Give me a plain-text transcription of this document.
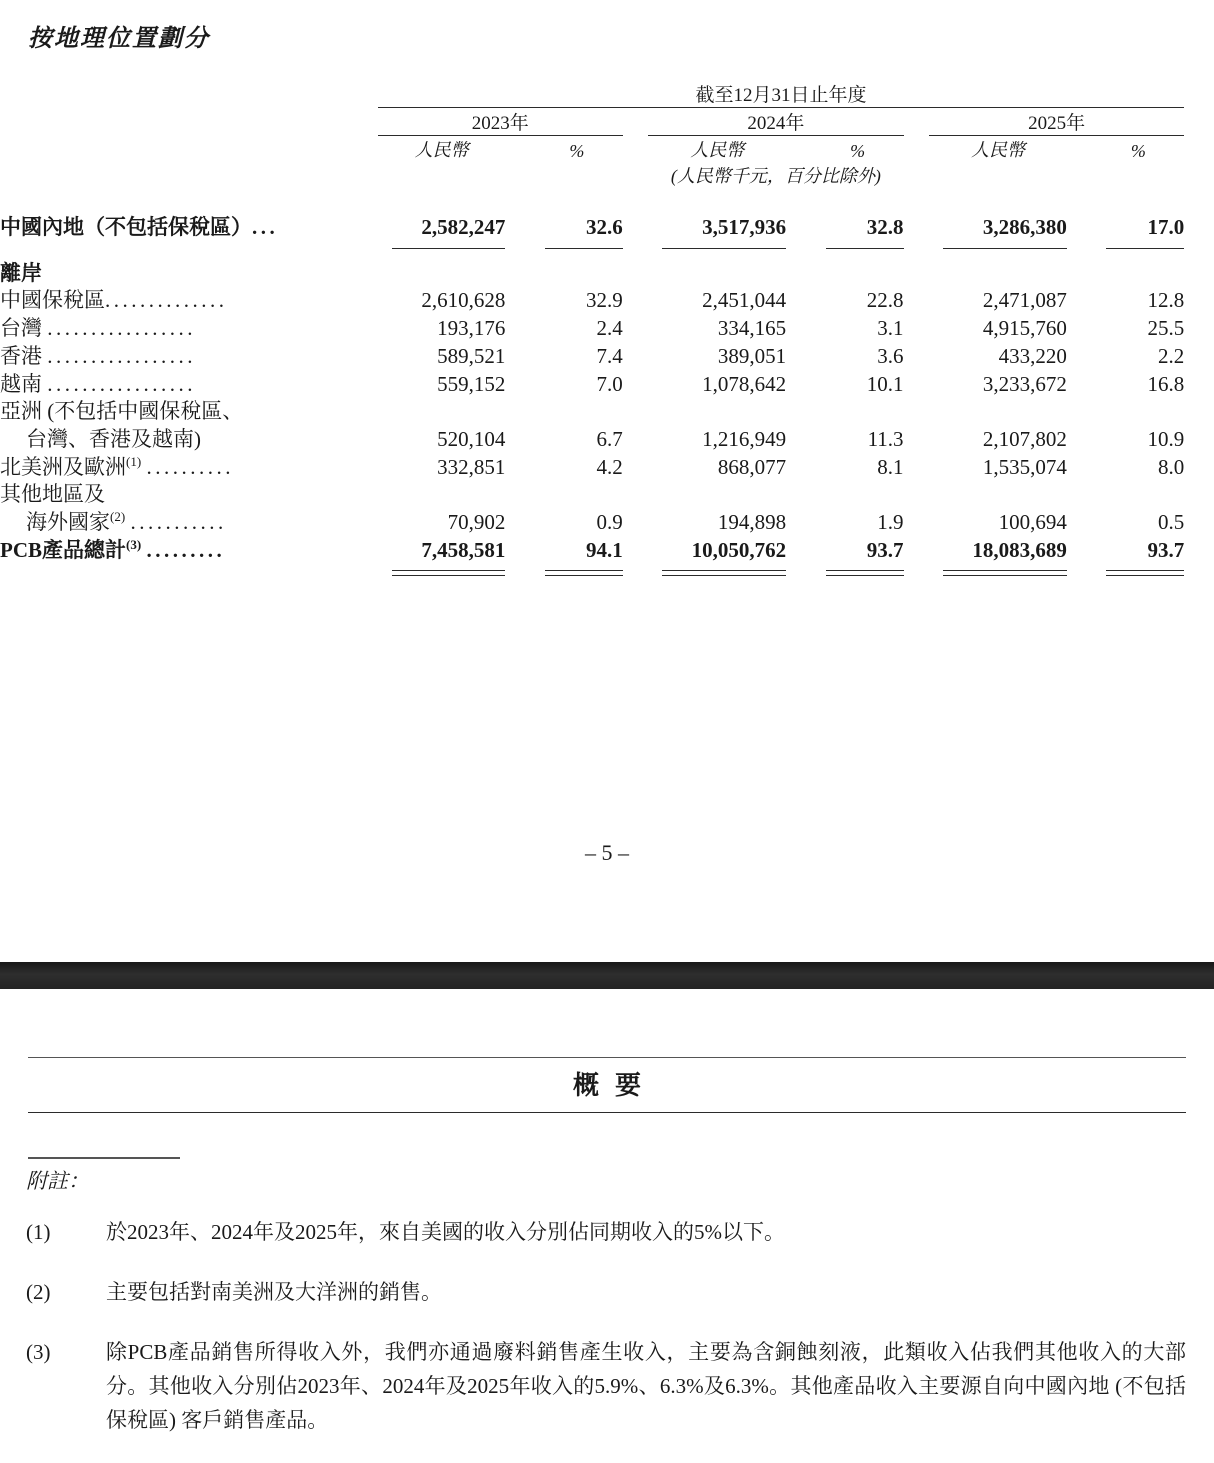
按地理位置劃分
		截至12月31日止年度											

		2023年				2024年				2025年			

		人民幣		%		人民幣		%		人民幣		%	
					(人民幣千元，百分比除外)								

中國內地（不包括保稅區）...		2,582,247		32.6		3,517,936		32.8		3,286,380		17.0	

離岸													
中國保稅區..............		2,610,628		32.9		2,451,044		22.8		2,471,087		12.8	
台灣 .................		193,176		2.4		334,165		3.1		4,915,760		25.5	
香港 .................		589,521		7.4		389,051		3.6		433,220		2.2	
越南 .................		559,152		7.0		1,078,642		10.1		3,233,672		16.8	
亞洲 (不包括中國保稅區、
台灣、香港及越南)		520,104		6.7		1,216,949		11.3		2,107,802		10.9	
北美洲及歐洲$^{(1)}$ ..........		332,851		4.2		868,077		8.1		1,535,074		8.0	
其他地區及
海外國家$^{(2)}$ ...........		70,902		0.9		194,898		1.9		100,694		0.5	
PCB產品總計$^{(3)}$ .........		7,458,581		94.1		10,050,762		93.7		18,083,689		93.7	
– 5 –
概要
附註：
(1)	於2023年、2024年及2025年，來自美國的收入分別佔同期收入的5%以下。
(2)	主要包括對南美洲及大洋洲的銷售。
(3)	除PCB產品銷售所得收入外，我們亦通過廢料銷售產生收入，主要為含銅蝕刻液，此類收入佔我們其他收入的大部分。其他收入分別佔2023年、2024年及2025年收入的5.9%、6.3%及6.3%。其他產品收入主要源自向中國內地 (不包括保稅區) 客戶銷售產品。
